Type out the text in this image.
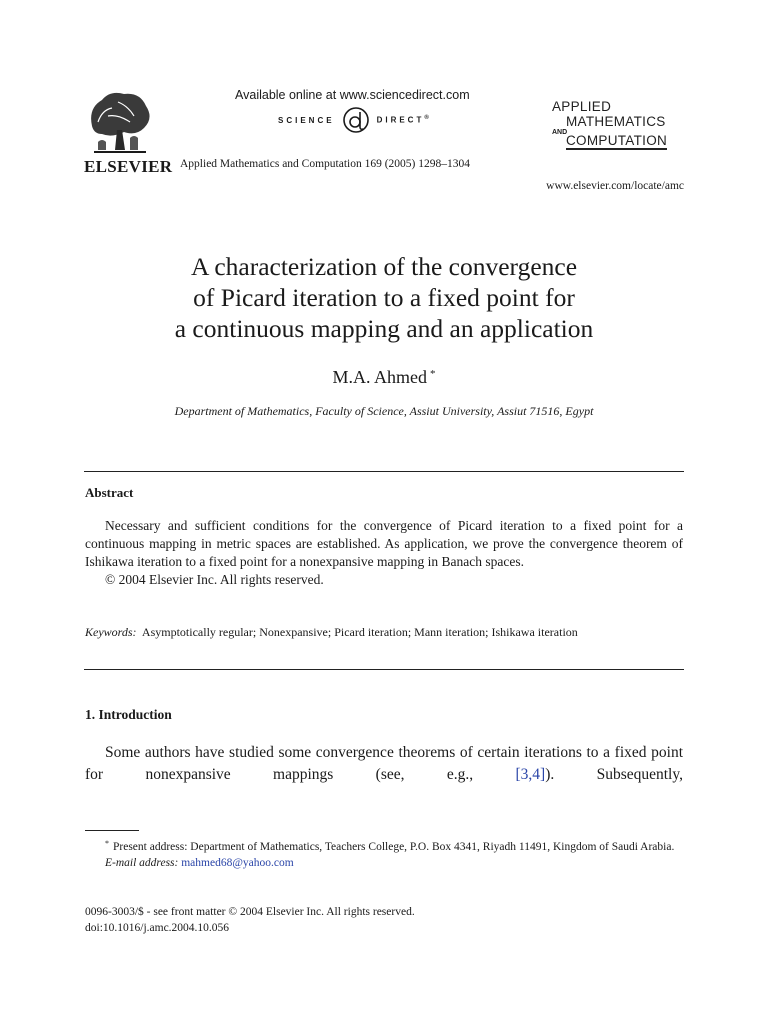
Available online at www.sciencedirect.com
SCIENCE	DIRECT®
ELSEVIER Applied Mathematics and Computation 169 (2005) 1298–1304
APPLIED
MATHEMATICS
AND
COMPUTATION
www.elsevier.com/locate/amc
A characterization of the convergence
of Picard iteration to a fixed point for
a continuous mapping and an application
M.A. Ahmed *
Department of Mathematics, Faculty of Science, Assiut University, Assiut 71516, Egypt
Abstract

Necessary and sufficient conditions for the convergence of Picard iteration to a fixed point for a continuous mapping in metric spaces are established. As application, we prove the convergence theorem of Ishikawa iteration to a fixed point for a nonexpansive mapping in Banach spaces.

© 2004 Elsevier Inc. All rights reserved.

Keywords: Asymptotically regular; Nonexpansive; Picard iteration; Mann iteration; Ishikawa iteration
1. Introduction

Some authors have studied some convergence theorems of certain iterations to a fixed point for nonexpansive mappings (see, e.g., [3,4]). Subsequently,

* Present address: Department of Mathematics, Teachers College, P.O. Box 4341, Riyadh 11491, Kingdom of Saudi Arabia.

E-mail address: mahmed68@yahoo.com

0096-3003/$ - see front matter © 2004 Elsevier Inc. All rights reserved.
doi:10.1016/j.amc.2004.10.056
